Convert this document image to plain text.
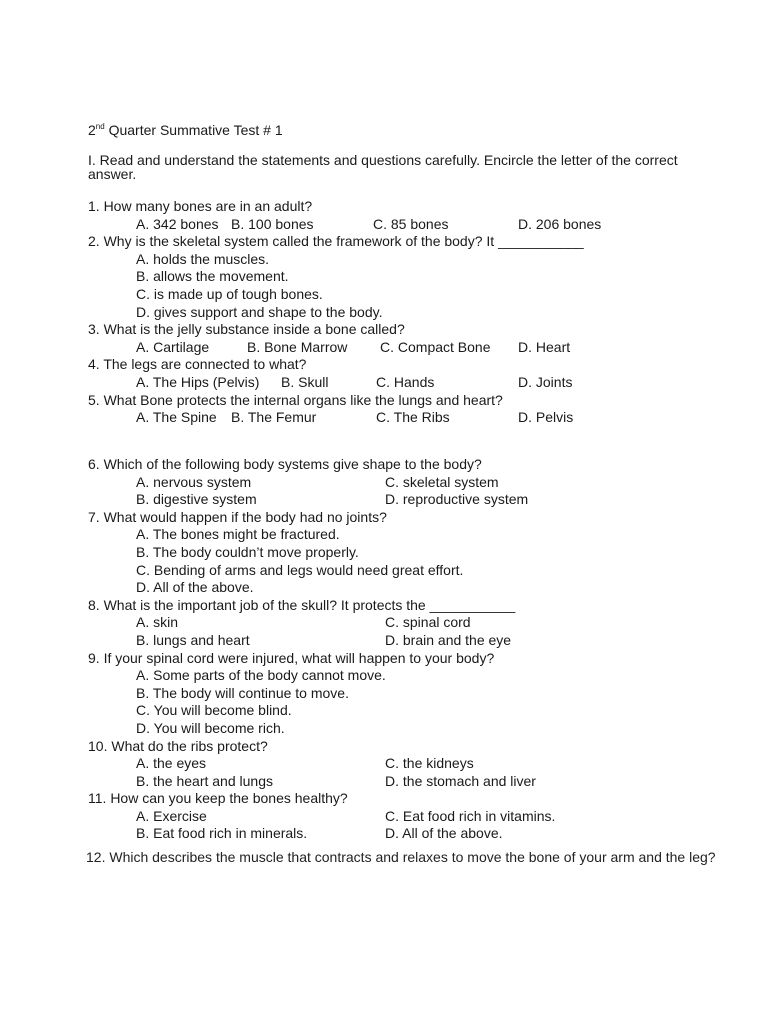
2nd Quarter Summative Test # 1
I. Read and understand the statements and questions carefully. Encircle the letter of the correct answer.
1. How many bones are in an adult?
A. 342 bones B. 100 bones	C. 85 bones	D. 206 bones
2. Why is the skeletal system called the framework of the body? It ___________
A. holds the muscles.
B. allows the movement.
C. is made up of tough bones.
D. gives support and shape to the body.
3. What is the jelly substance inside a bone called?
A. Cartilage	B. Bone Marrow C. Compact Bone D. Heart
4. The legs are connected to what?
A. The Hips (Pelvis) B. Skull	C. Hands	D. Joints
5. What Bone protects the internal organs like the lungs and heart?
A. The Spine B. The Femur	C. The Ribs	D. Pelvis
6. Which of the following body systems give shape to the body?
A. nervous system	C. skeletal system
B. digestive system	D. reproductive system
7. What would happen if the body had no joints?
A. The bones might be fractured.
B. The body couldn’t move properly.
C. Bending of arms and legs would need great effort.
D. All of the above.
8. What is the important job of the skull? It protects the ___________
A. skin	C. spinal cord
B. lungs and heart	D. brain and the eye
9. If your spinal cord were injured, what will happen to your body?
A. Some parts of the body cannot move.
B. The body will continue to move.
C. You will become blind.
D. You will become rich.
10. What do the ribs protect?
A. the eyes	C. the kidneys
B. the heart and lungs	D. the stomach and liver
11. How can you keep the bones healthy?
A. Exercise	C. Eat food rich in vitamins.
B. Eat food rich in minerals.	D. All of the above.
12. Which describes the muscle that contracts and relaxes to move the bone of your arm and the leg?
